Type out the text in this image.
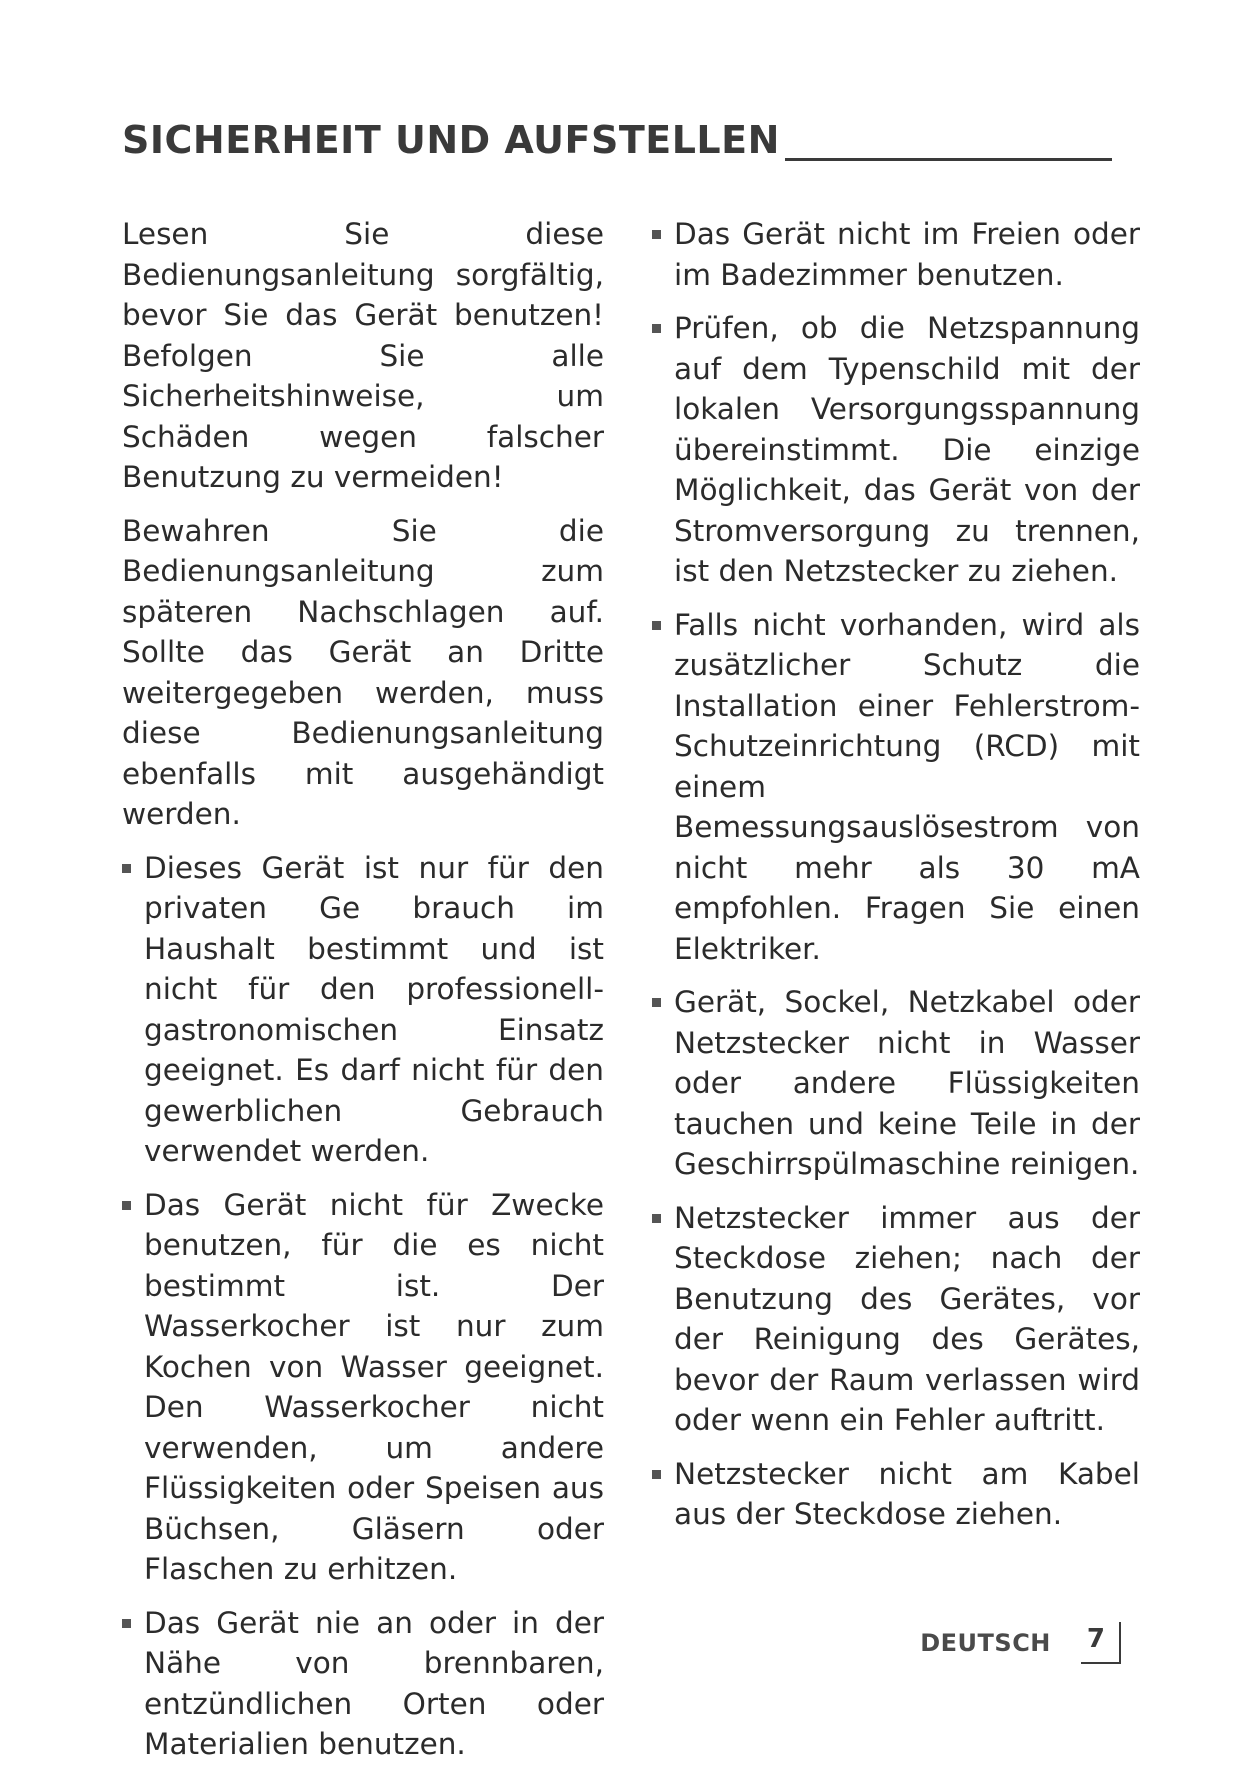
SICHERHEIT UND AUFSTELLEN

Lesen Sie diese Bedienungsanleitung sorgfältig, bevor Sie das Gerät benutzen! Befolgen Sie alle Sicherheitshinweise, um Schäden wegen falscher Benutzung zu vermeiden!

Bewahren Sie die Bedienungsanleitung zum späteren Nachschlagen auf. Sollte das Gerät an Dritte weitergegeben werden, muss diese Bedienungsanleitung ebenfalls mit ausgehändigt werden.

Dieses Gerät ist nur für den privaten Ge brauch im Haushalt bestimmt und ist nicht für den professionell-gastronomischen Einsatz geeignet. Es darf nicht für den gewerblichen Gebrauch verwendet werden.
Das Gerät nicht für Zwecke benutzen, für die es nicht bestimmt ist. Der Wasserkocher ist nur zum Kochen von Wasser geeignet. Den Wasserkocher nicht verwenden, um andere Flüssigkeiten oder Speisen aus Büchsen, Gläsern oder Flaschen zu erhitzen.
Das Gerät nie an oder in der Nähe von brennbaren, entzündlichen Orten oder Materialien benutzen.
Das Gerät nicht im Freien oder im Badezimmer benutzen.
Prüfen, ob die Netzspannung auf dem Typenschild mit der lokalen Versorgungsspannung übereinstimmt. Die einzige Möglichkeit, das Gerät von der Stromversorgung zu trennen, ist den Netzstecker zu ziehen.
Falls nicht vorhanden, wird als zusätzlicher Schutz die Installation einer Fehlerstrom-Schutzeinrichtung (RCD) mit einem Bemessungsauslösestrom von nicht mehr als 30 mA empfohlen. Fragen Sie einen Elektriker.
Gerät, Sockel, Netzkabel oder Netzstecker nicht in Wasser oder andere Flüssigkeiten tauchen und keine Teile in der Geschirrspülmaschine reinigen.
Netzstecker immer aus der Steckdose ziehen; nach der Benutzung des Gerätes, vor der Reinigung des Gerätes, bevor der Raum verlassen wird oder wenn ein Fehler auftritt.
Netzstecker nicht am Kabel aus der Steckdose ziehen.
DEUTSCH 7
